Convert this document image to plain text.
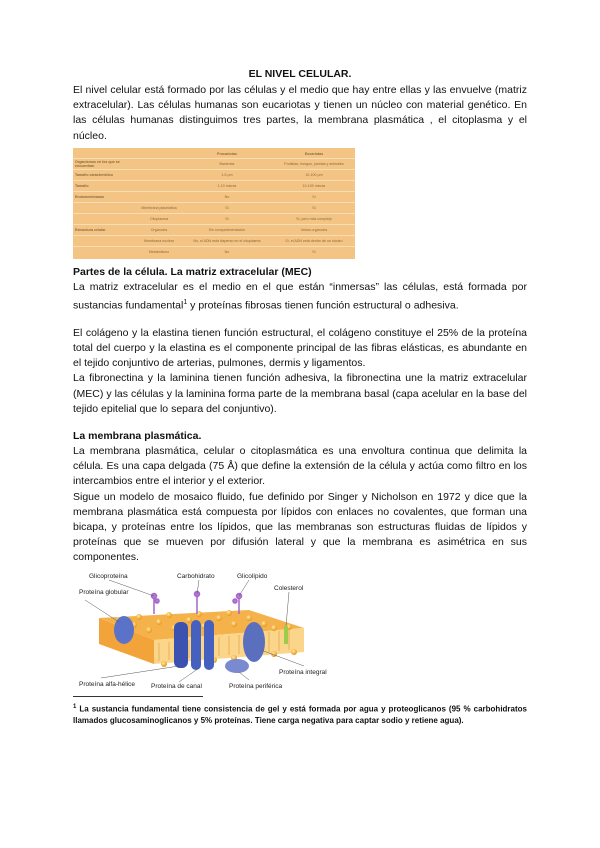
EL NIVEL CELULAR.

El nivel celular está formado por las células y el medio que hay entre ellas y las envuelve (matriz extracelular). Las células humanas son eucariotas y tienen un núcleo con material genético. En las células humanas distinguimos tres partes, la membrana plasmática , el citoplasma y el núcleo.

		Procariotas	Eucariotas
Organismos en los que se encuentran		Bacterias	Protistas, hongos, plantas y animales
Tamaño característico		1-5 µm	10-100 µm
Tamaño		1-10 micras	10-100 micras
Endomembranas		No	Sí
	Membrana plasmática	Sí	Sí
	Citoplasma	Sí	Sí, pero más complejo
Estructura celular	Orgánulos	Sin compartimentación	Varios orgánulos
	Membrana nuclear	No, el ADN está disperso en el citoplasma	Sí, el ADN está dentro de un núcleo
	Metabolismo	No	Sí
Partes de la célula. La matriz extracelular (MEC)

La matriz extracelular es el medio en el que están “inmersas” las células, está formada por sustancias fundamental$^1$ y proteínas fibrosas tienen función estructural o adhesiva.

El colágeno y la elastina tienen función estructural, el colágeno constituye el 25% de la proteína total del cuerpo y la elastina es el componente principal de las fibras elásticas, es abundante en el tejido conjuntivo de arterias, pulmones, dermis y ligamentos.

La fibronectina y la laminina tienen función adhesiva, la fibronectina une la matriz extracelular (MEC) y las células y la laminina forma parte de la membrana basal (capa acelular en la base del tejido epitelial que lo separa del conjuntivo).

La membrana plasmática.

La membrana plasmática, celular o citoplasmática es una envoltura continua que delimita la célula. Es una capa delgada (75 Å) que define la extensión de la célula y actúa como filtro en los intercambios entre el interior y el exterior.

Sigue un modelo de mosaico fluido, fue definido por Singer y Nicholson en 1972 y dice que la membrana plasmática está compuesta por lípidos con enlaces no covalentes, que forman una bicapa, y proteínas entre los lípidos, que las membranas son estructuras fluidas de lípidos y proteínas que se mueven por difusión lateral y que la membrana es asimétrica en sus componentes.

Glicoproteína	Carbohidrato	Glicolípido
Colesterol
Proteína globular
Proteína integral
Proteína alfa-hélice Proteína de canal	Proteína periférica
$^1$ La sustancia fundamental tiene consistencia de gel y está formada por agua y proteoglicanos (95 % carbohidratos llamados glucosaminoglicanos y 5% proteínas. Tiene carga negativa para captar sodio y retiene agua).
